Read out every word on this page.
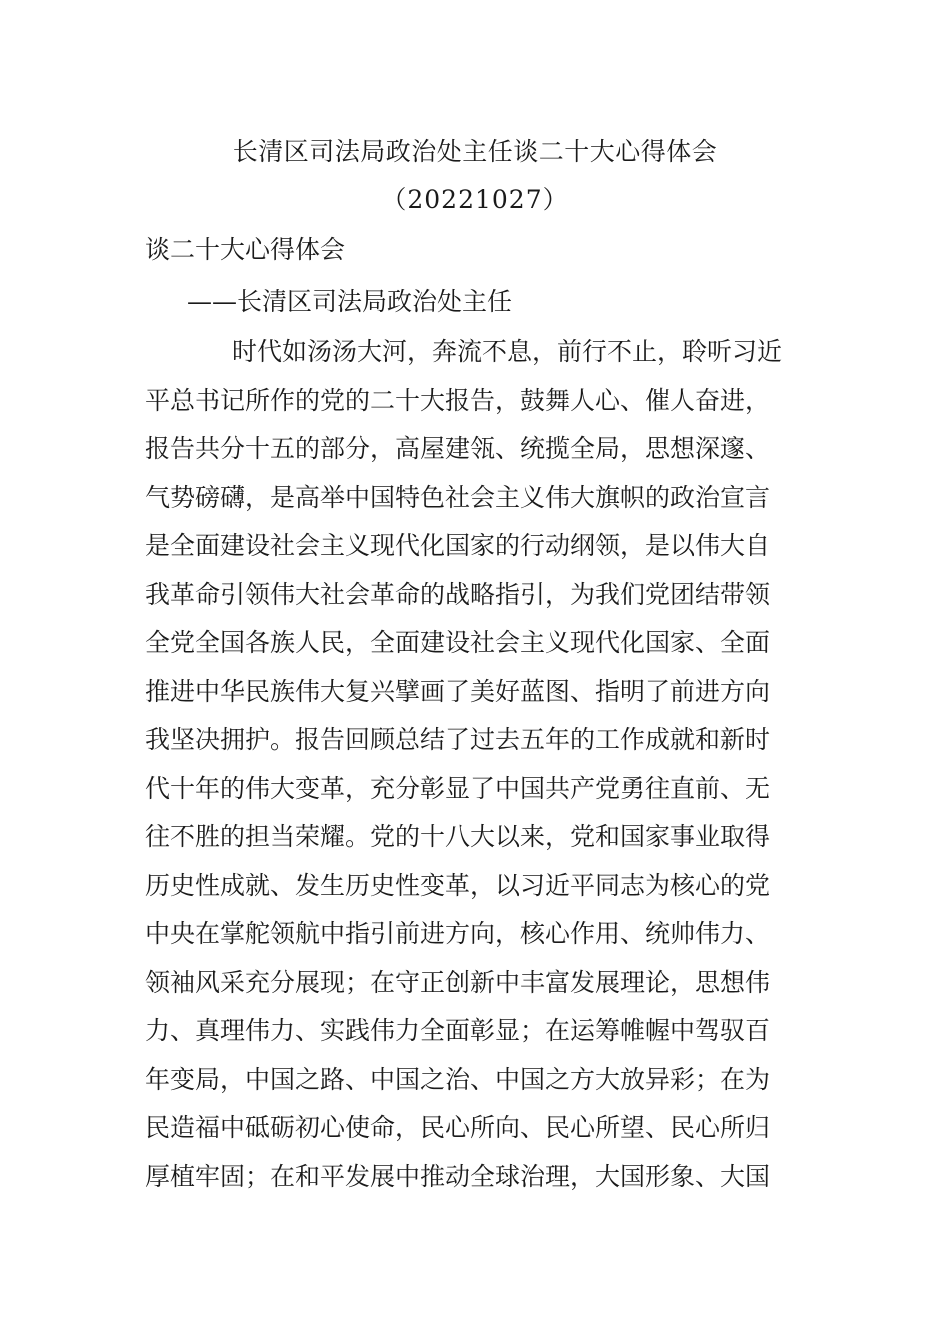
长清区司法局政治处主任谈二十大心得体会
（20221027）
谈二十大心得体会
——长清区司法局政治处主任
时代如汤汤大河，奔流不息，前行不止，聆听习近
平总书记所作的党的二十大报告，鼓舞人心、催人奋进，
报告共分十五的部分，高屋建瓴、统揽全局，思想深邃、
气势磅礴，是高举中国特色社会主义伟大旗帜的政治宣言
是全面建设社会主义现代化国家的行动纲领，是以伟大自
我革命引领伟大社会革命的战略指引，为我们党团结带领
全党全国各族人民，全面建设社会主义现代化国家、全面
推进中华民族伟大复兴擘画了美好蓝图、指明了前进方向
我坚决拥护。报告回顾总结了过去五年的工作成就和新时
代十年的伟大变革，充分彰显了中国共产党勇往直前、无
往不胜的担当荣耀。党的十八大以来，党和国家事业取得
历史性成就、发生历史性变革，以习近平同志为核心的党
中央在掌舵领航中指引前进方向，核心作用、统帅伟力、
领袖风采充分展现；在守正创新中丰富发展理论，思想伟
力、真理伟力、实践伟力全面彰显；在运筹帷幄中驾驭百
年变局，中国之路、中国之治、中国之方大放异彩；在为
民造福中砥砺初心使命，民心所向、民心所望、民心所归
厚植牢固；在和平发展中推动全球治理，大国形象、大国
